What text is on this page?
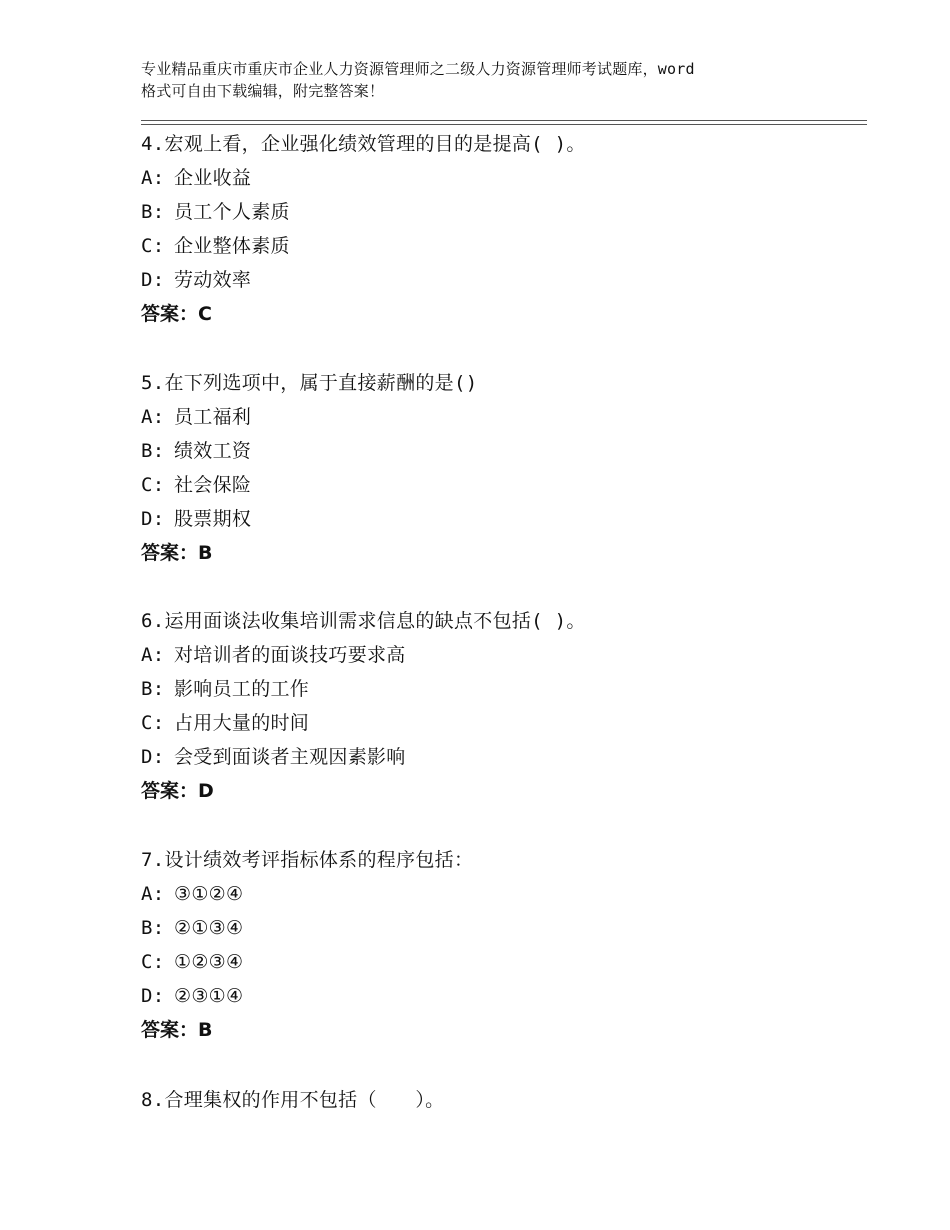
专业精品重庆市重庆市企业人力资源管理师之二级人力资源管理师考试题库，word
格式可自由下载编辑，附完整答案！
4.宏观上看，企业强化绩效管理的目的是提高( )。
A: 企业收益
B: 员工个人素质
C: 企业整体素质
D: 劳动效率
答案：C
5.在下列选项中，属于直接薪酬的是()
A: 员工福利
B: 绩效工资
C: 社会保险
D: 股票期权
答案：B
6.运用面谈法收集培训需求信息的缺点不包括( )。
A: 对培训者的面谈技巧要求高
B: 影响员工的工作
C: 占用大量的时间
D: 会受到面谈者主观因素影响
答案：D
7.设计绩效考评指标体系的程序包括：
A: ③①②④
B: ②①③④
C: ①②③④
D: ②③①④
答案：B
8.合理集权的作用不包括（　　）。
